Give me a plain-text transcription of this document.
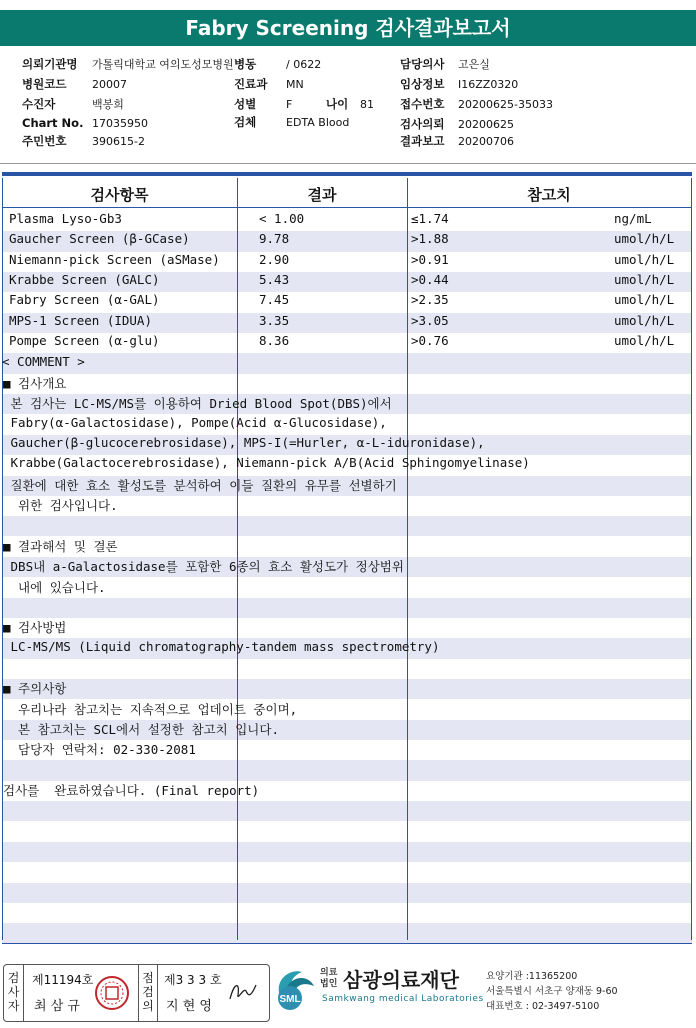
Fabry Screening 검사결과보고서
의뢰기관명 가톨릭대학교 여의도성모병원 병동	/ 0622	담당의사 고은실
병원코드 20007	진료과 MN	임상정보 I16ZZ0320
수진자	백봉희	성별	F	나이 81 접수번호 20200625-35033
Chart No. 17035950	검체	EDTA Blood	검사의뢰 20200625
주민번호 390615-2	결과보고 20200706
검사항목	결과	참고치
Plasma Lyso-Gb3	< 1.00	≤1.74	ng/mL
Gaucher Screen (β-GCase)	9.78	>1.88	umol/h/L
Niemann-pick Screen (aSMase)	2.90	>0.91	umol/h/L
Krabbe Screen (GALC)	5.43	>0.44	umol/h/L
Fabry Screen (α-GAL)	7.45	>2.35	umol/h/L
MPS-1 Screen (IDUA)	3.35	>3.05	umol/h/L
Pompe Screen (α-glu)	8.36	>0.76	umol/h/L
< COMMENT >
■ 검사개요
본 검사는 LC-MS/MS를 이용하여 Dried Blood Spot(DBS)에서
Fabry(α-Galactosidase), Pompe(Acid α-Glucosidase),
Gaucher(β-glucocerebrosidase), MPS-I(=Hurler, α-L-iduronidase),
Krabbe(Galactocerebrosidase), Niemann-pick A/B(Acid Sphingomyelinase)
질환에 대한 효소 활성도를 분석하여 이들 질환의 유무를 선별하기
위한 검사입니다.
■ 결과해석 및 결론
DBS내 a-Galactosidase를 포함한 6종의 효소 활성도가 정상범위
내에 있습니다.
■ 검사방법
LC-MS/MS (Liquid chromatography-tandem mass spectrometry)
■ 주의사항
우리나라 참고치는 지속적으로 업데이트 중이며,
본 참고치는 SCL에서 설정한 참고치 입니다.
담당자 연락처: 02-330-2081
검사를  완료하였습니다. (Final report)
검사자
제11194호
최 삼 규
점검의
제3 3 3 호
지 현 영	SML
의료법인 삼광의료재단
Samkwang medical Laboratories
요양기관 :11365200
서울특별시 서초구 양재동 9-60
대표번호 : 02-3497-5100
